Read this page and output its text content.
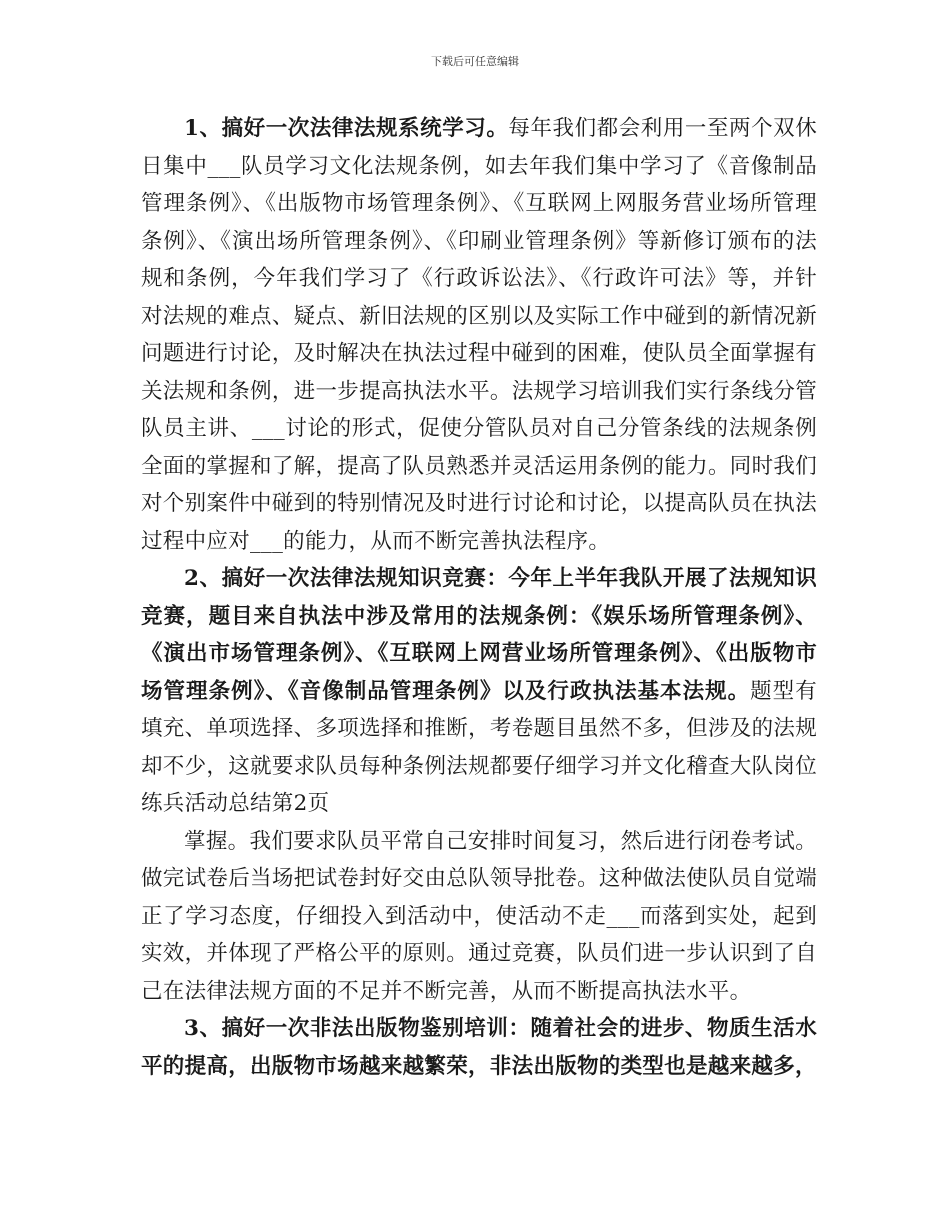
下载后可任意编辑

1、搞好一次法律法规系统学习。每年我们都会利用一至两个双休日集中___队员学习文化法规条例，如去年我们集中学习了《音像制品管理条例》、《出版物市场管理条例》、《互联网上网服务营业场所管理条例》、《演出场所管理条例》、《印刷业管理条例》等新修订颁布的法规和条例，今年我们学习了《行政诉讼法》、《行政许可法》等，并针对法规的难点、疑点、新旧法规的区别以及实际工作中碰到的新情况新问题进行讨论，及时解决在执法过程中碰到的困难，使队员全面掌握有关法规和条例，进一步提高执法水平。法规学习培训我们实行条线分管队员主讲、___讨论的形式，促使分管队员对自己分管条线的法规条例全面的掌握和了解，提高了队员熟悉并灵活运用条例的能力。同时我们对个别案件中碰到的特别情况及时进行讨论和讨论，以提高队员在执法过程中应对___的能力，从而不断完善执法程序。

2、搞好一次法律法规知识竞赛：今年上半年我队开展了法规知识竞赛，题目来自执法中涉及常用的法规条例：《娱乐场所管理条例》、《演出市场管理条例》、《互联网上网营业场所管理条例》、《出版物市场管理条例》、《音像制品管理条例》以及行政执法基本法规。题型有填充、单项选择、多项选择和推断，考卷题目虽然不多，但涉及的法规却不少，这就要求队员每种条例法规都要仔细学习并文化稽查大队岗位练兵活动总结第2页

掌握。我们要求队员平常自己安排时间复习，然后进行闭卷考试。做完试卷后当场把试卷封好交由总队领导批卷。这种做法使队员自觉端正了学习态度，仔细投入到活动中，使活动不走___而落到实处，起到实效，并体现了严格公平的原则。通过竞赛，队员们进一步认识到了自己在法律法规方面的不足并不断完善，从而不断提高执法水平。

3、搞好一次非法出版物鉴别培训：随着社会的进步、物质生活水平的提高，出版物市场越来越繁荣，非法出版物的类型也是越来越多，
